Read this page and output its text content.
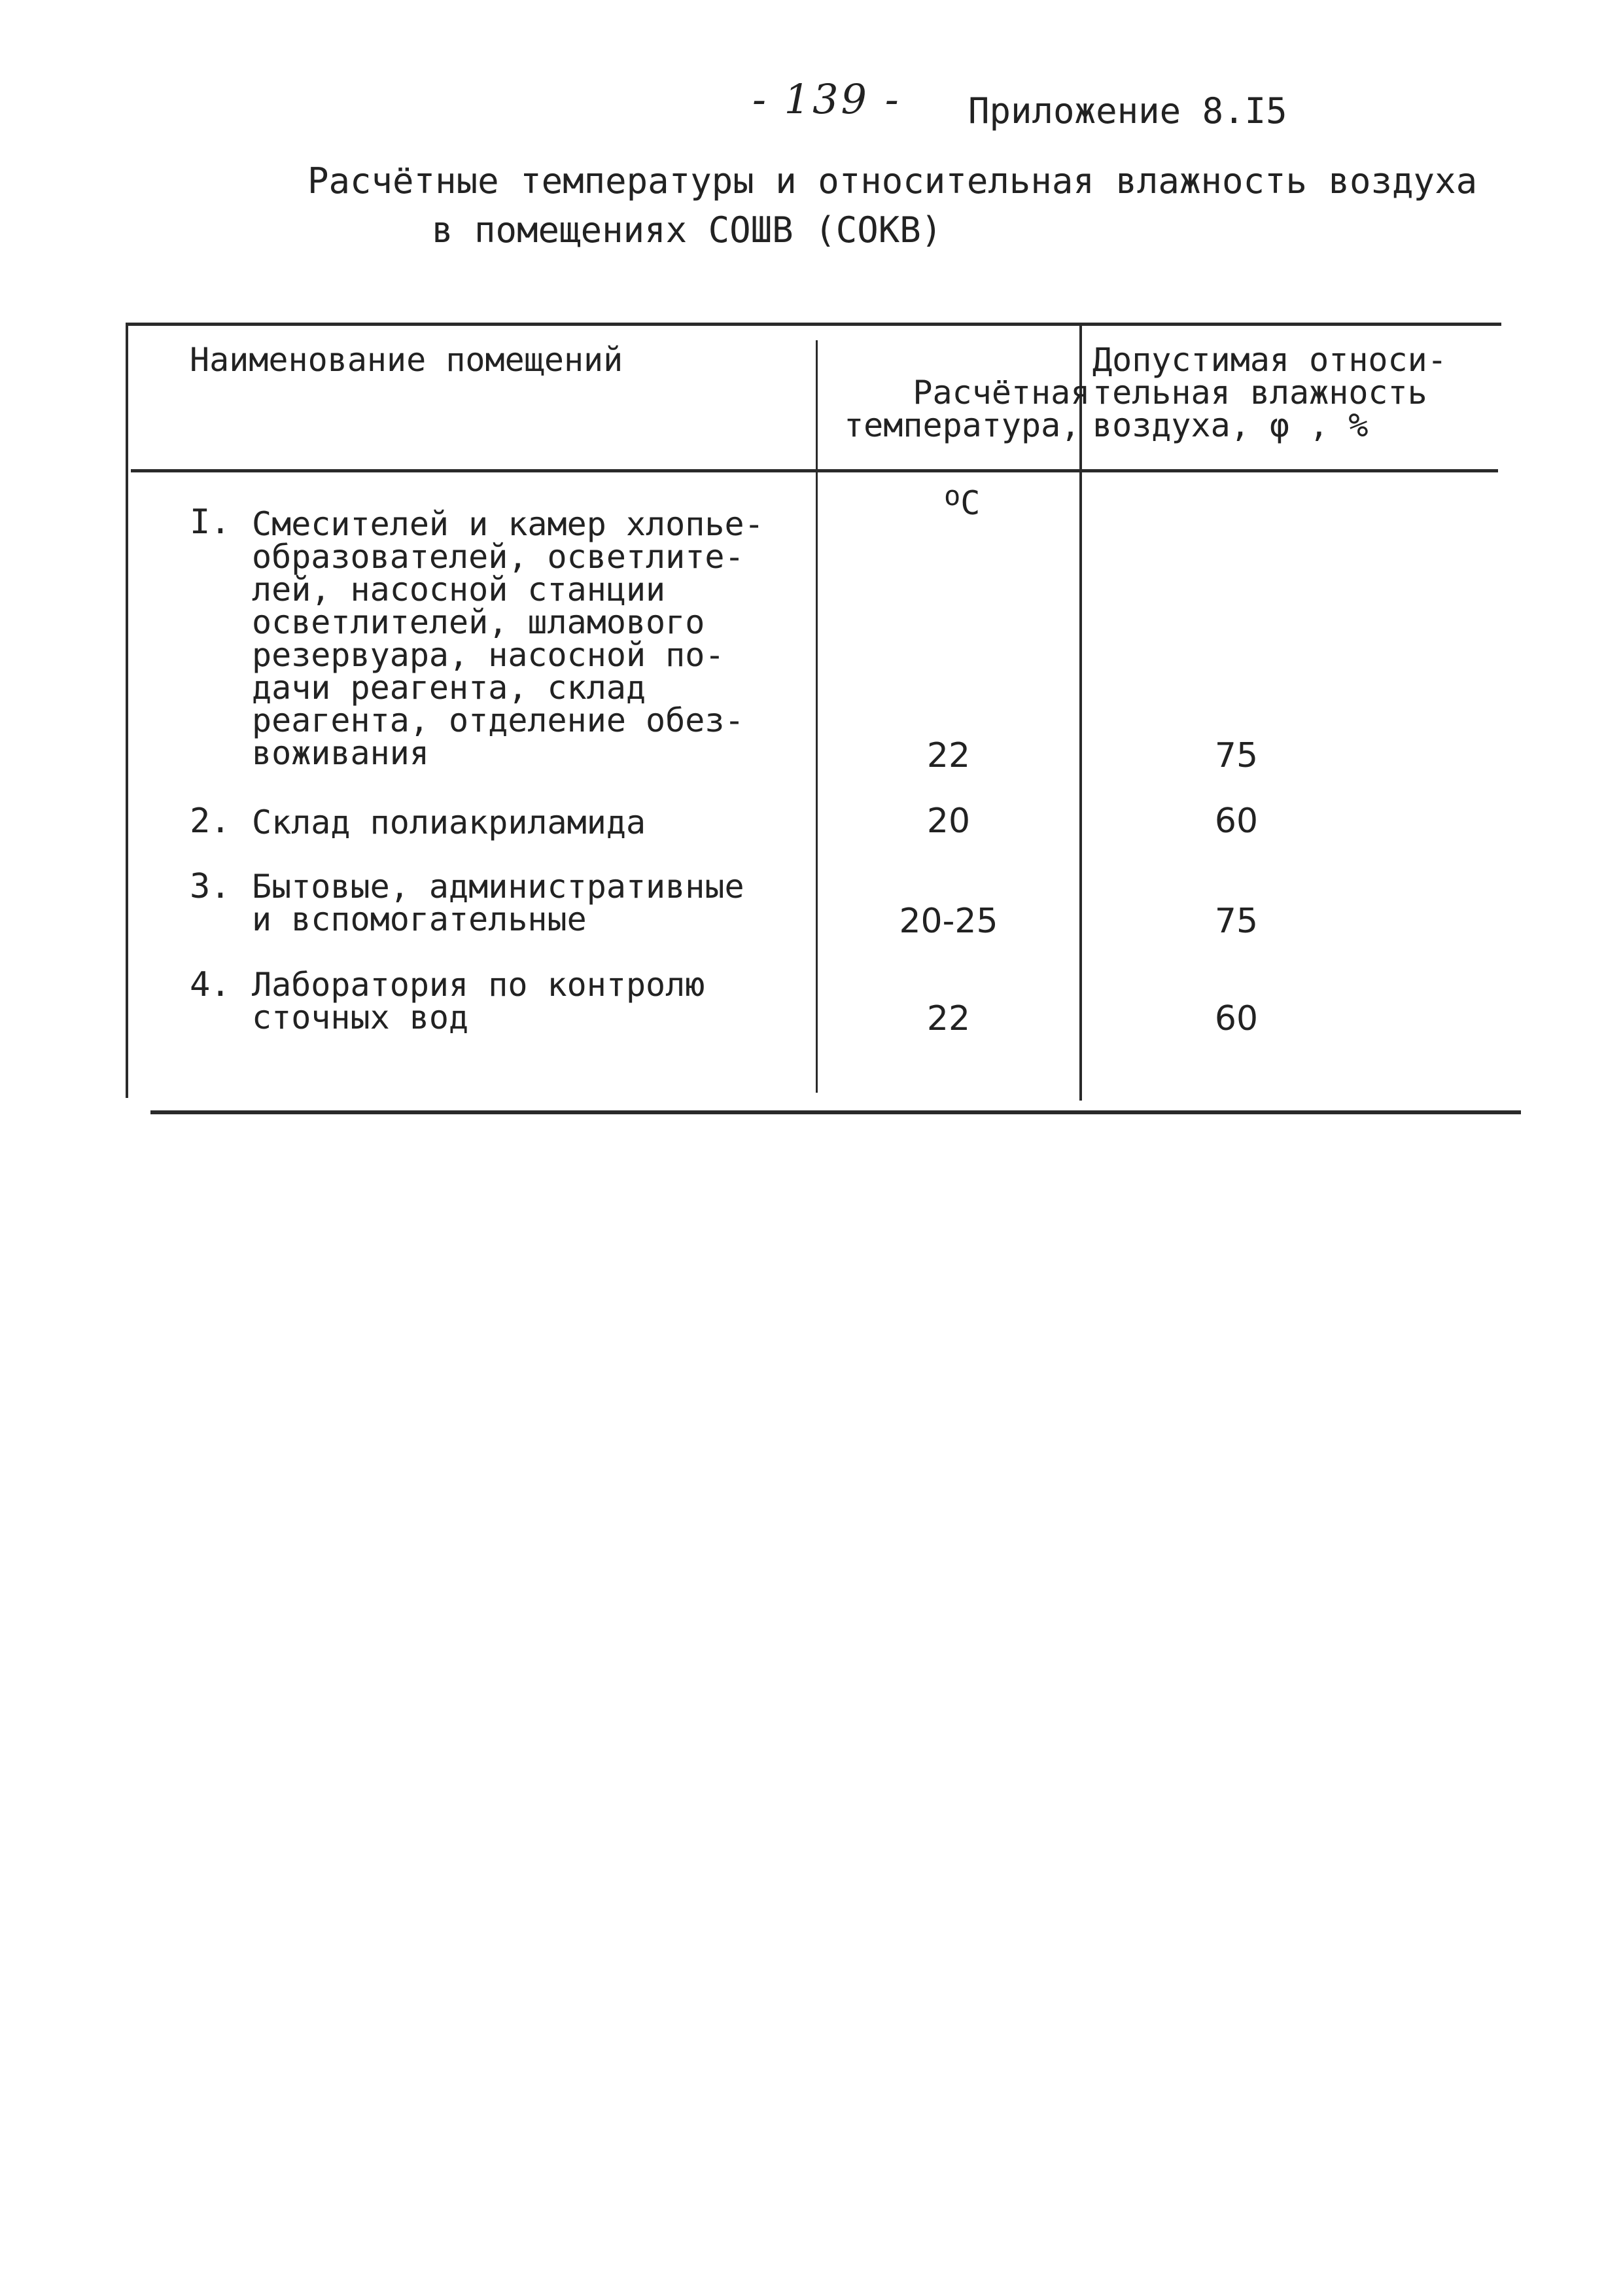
- 139 - Приложение 8.I5
Расчётные температуры и относительная влажность воздуха
в помещениях СОШВ (СОКВ)
Наименование помещений

Расчётная
температура,

$^о$С

Допустимая относи-
тельная влажность
воздуха, φ , %
I. Смесителей и камер хлопье-
образователей, осветлите-
лей, насосной станции
осветлителей, шламового
резервуара, насосной по-
дачи реагента, склад
реагента, отделение обез-
воживания	22	75
2. Склад полиакриламида	20	60
3. Бытовые, административные
и вспомогательные	20-25	75
4. Лаборатория по контролю
сточных вод	22	60
